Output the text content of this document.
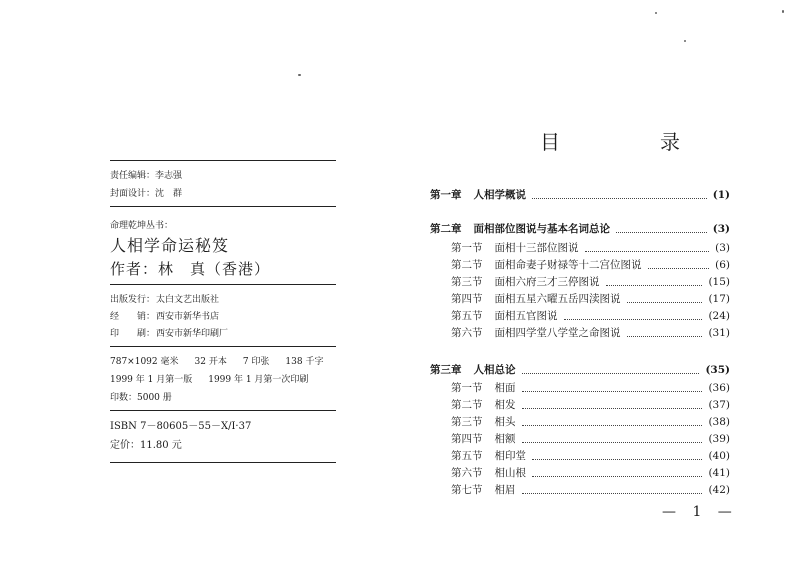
责任编辑：李志强
封面设计：沈　群
命理乾坤丛书：
人相学命运秘笈
作者：林　真（香港）
出版发行：太白文艺出版社
经　　销：西安市新华书店
印　　刷：西安市新华印刷厂
787×1092 毫米 32 开本 7 印张 138 千字
1999 年 1 月第一版 1999 年 1 月第一次印刷
印数：5000 册
ISBN 7－80605－55－X/I·37
定价：11.80 元
目　录
第一章 人相学概说	(1)
第二章 面相部位图说与基本名词总论	(3)
第一节 面相十三部位图说	(3)
第二节 面相命妻子财禄等十二宫位图说	(6)
第三节 面相六府三才三停图说	(15)
第四节 面相五星六曜五岳四渎图说	(17)
第五节 面相五官图说	(24)
第六节 面相四学堂八学堂之命图说	(31)
第三章 人相总论	(35)
第一节 相面	(36)
第二节 相发	(37)
第三节 相头	(38)
第四节 相额	(39)
第五节 相印堂	(40)
第六节 相山根	(41)
第七节 相眉	(42)
— 1 —
